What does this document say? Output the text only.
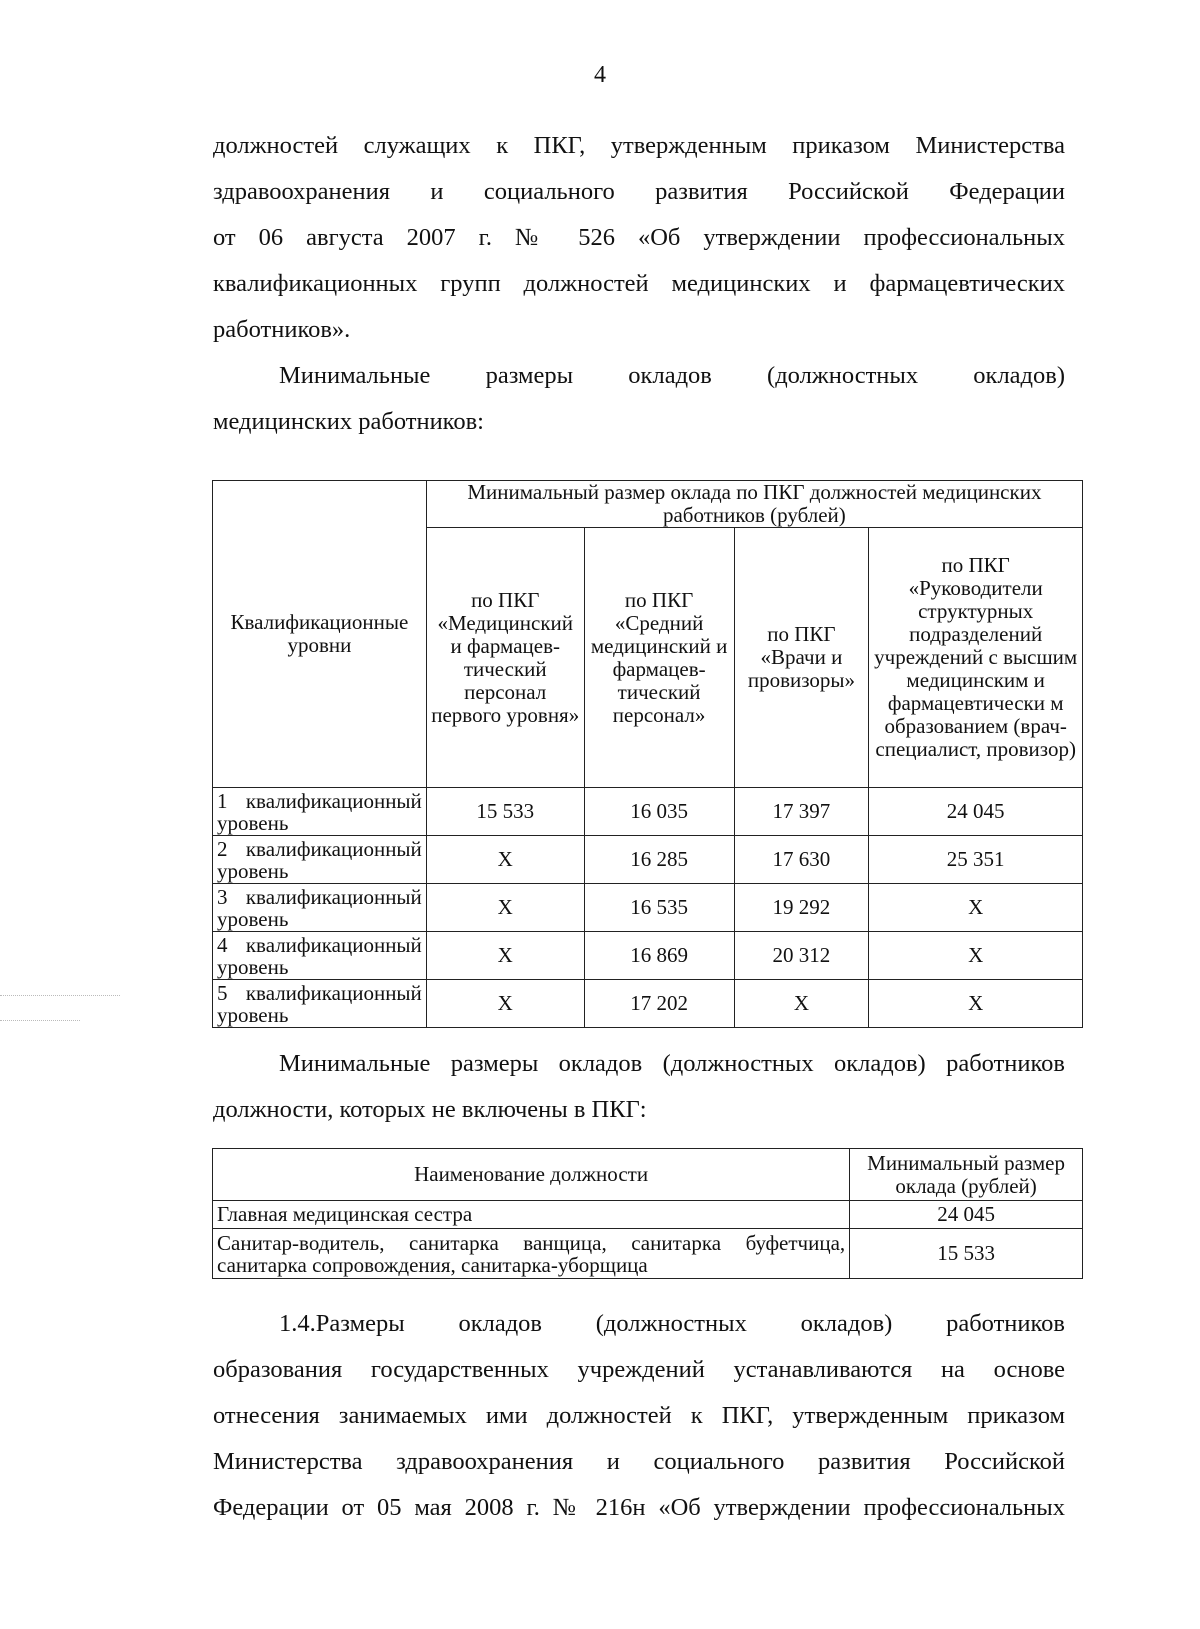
4

должностей служащих к ПКГ, утвержденным приказом Министерства

здравоохранения и социального развития Российской Федерации

от 06 августа 2007 г. № 526 «Об утверждении профессиональных

квалификационных групп должностей медицинских и фармацевтических

работников».

Минимальные размеры окладов (должностных окладов)

медицинских работников:

Квалификационные уровни	Минимальный размер оклада по ПКГ должностей медицинских работников (рублей)			
	по ПКГ «Медицинский и фармацев-тический персонал первого уровня»	по ПКГ «Средний медицинский и фармацев-тический персонал»	по ПКГ «Врачи и провизоры»	по ПКГ «Руководители структурных подразделений учреждений с высшим медицинским и фармацевтически м образованием (врач-специалист, провизор)
1 квалификационный уровень	15 533	16 035	17 397	24 045
2 квалификационный уровень	Х	16 285	17 630	25 351
3 квалификационный уровень	Х	16 535	19 292	Х
4 квалификационный уровень	Х	16 869	20 312	Х
5 квалификационный уровень	Х	17 202	Х	Х

Минимальные размеры окладов (должностных окладов) работников

должности, которых не включены в ПКГ:

Наименование должности	Минимальный размер оклада (рублей)
Главная медицинская сестра	24 045
Санитар-водитель, санитарка ванщица, санитарка буфетчица, санитарка сопровождения, санитарка-уборщица	15 533

1.4.Размеры окладов (должностных окладов) работников

образования государственных учреждений устанавливаются на основе

отнесения занимаемых ими должностей к ПКГ, утвержденным приказом

Министерства здравоохранения и социального развития Российской

Федерации от 05 мая 2008 г. № 216н «Об утверждении профессиональных
